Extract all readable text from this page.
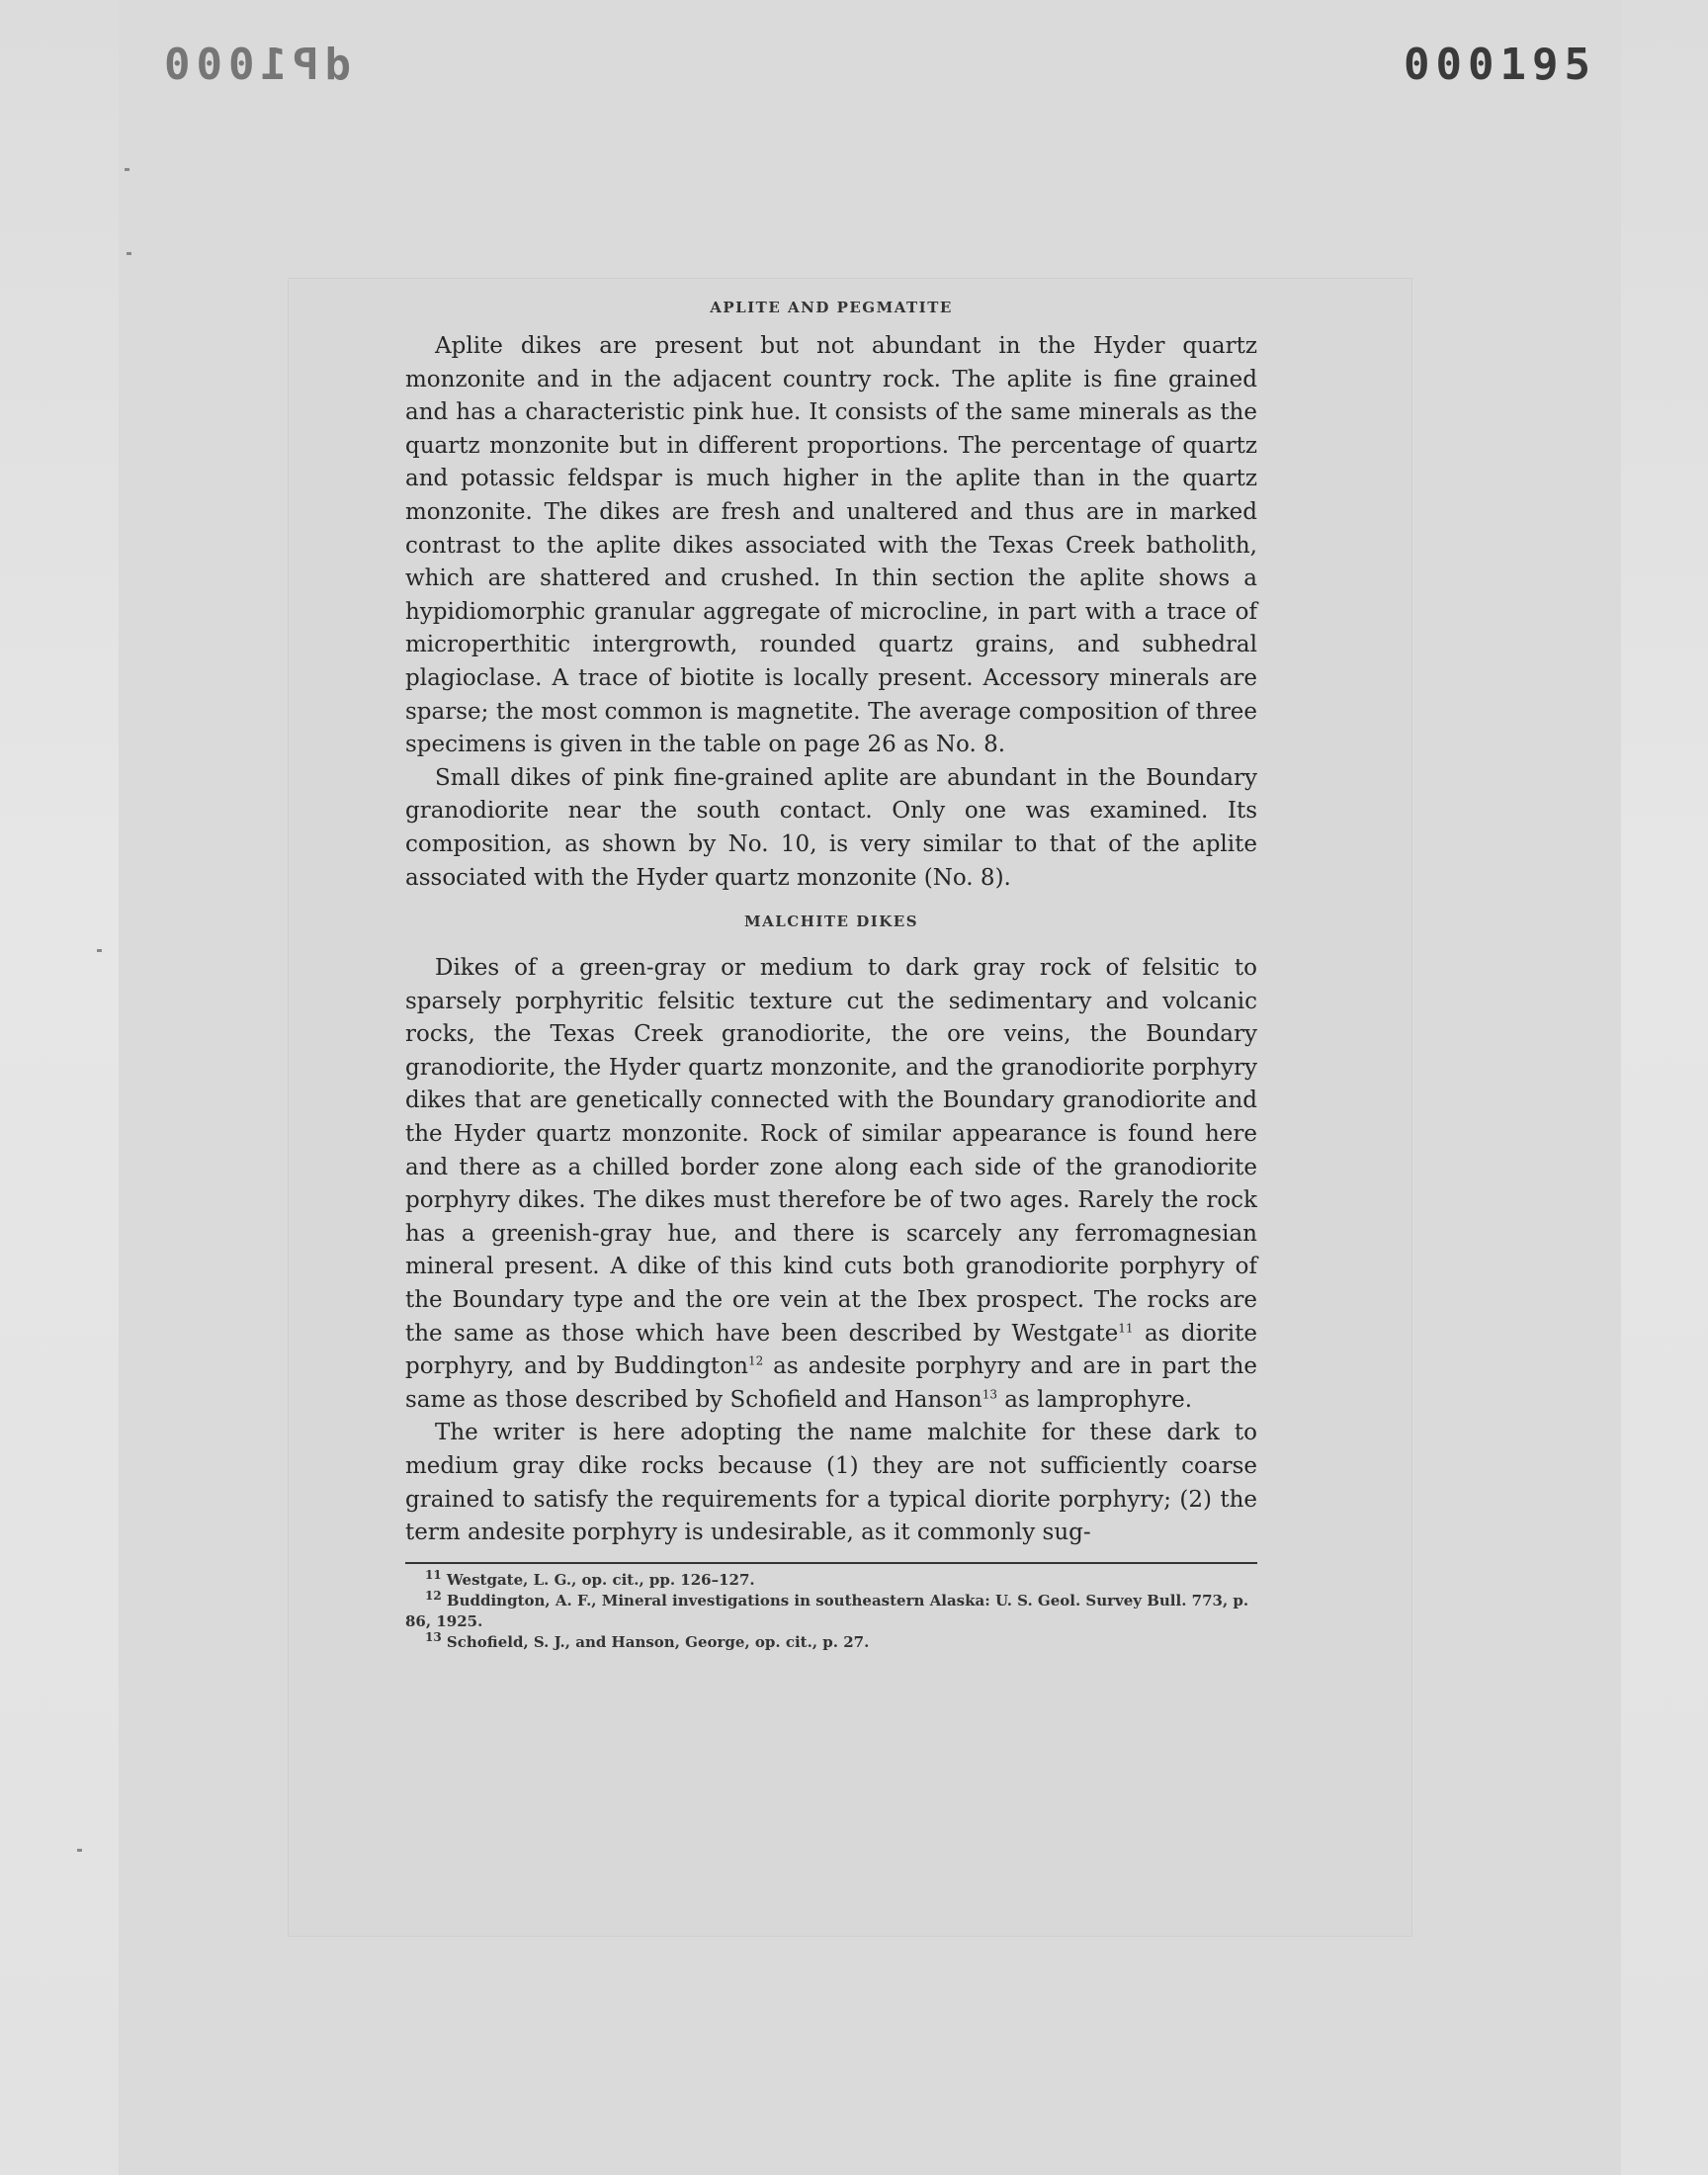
dP1000	000195
APLITE AND PEGMATITE

Aplite dikes are present but not abundant in the Hyder quartz monzonite and in the adjacent country rock. The aplite is fine grained and has a characteristic pink hue. It consists of the same minerals as the quartz monzonite but in different proportions. The percentage of quartz and potassic feldspar is much higher in the aplite than in the quartz monzonite. The dikes are fresh and unaltered and thus are in marked contrast to the aplite dikes associated with the Texas Creek batholith, which are shattered and crushed. In thin section the aplite shows a hypidiomorphic granular aggregate of microcline, in part with a trace of microperthitic intergrowth, rounded quartz grains, and subhedral plagioclase. A trace of biotite is locally present. Accessory minerals are sparse; the most common is magnetite. The average composition of three specimens is given in the table on page 26 as No. 8.

Small dikes of pink fine-grained aplite are abundant in the Boundary granodiorite near the south contact. Only one was examined. Its composition, as shown by No. 10, is very similar to that of the aplite associated with the Hyder quartz monzonite (No. 8).

MALCHITE DIKES

Dikes of a green-gray or medium to dark gray rock of felsitic to sparsely porphyritic felsitic texture cut the sedimentary and volcanic rocks, the Texas Creek granodiorite, the ore veins, the Boundary granodiorite, the Hyder quartz monzonite, and the granodiorite porphyry dikes that are genetically connected with the Boundary granodiorite and the Hyder quartz monzonite. Rock of similar appearance is found here and there as a chilled border zone along each side of the granodiorite porphyry dikes. The dikes must therefore be of two ages. Rarely the rock has a greenish-gray hue, and there is scarcely any ferromagnesian mineral present. A dike of this kind cuts both granodiorite porphyry of the Boundary type and the ore vein at the Ibex prospect. The rocks are the same as those which have been described by Westgate$^{11}$ as diorite porphyry, and by Buddington$^{12}$ as andesite porphyry and are in part the same as those described by Schofield and Hanson$^{13}$ as lamprophyre.

The writer is here adopting the name malchite for these dark to medium gray dike rocks because (1) they are not sufficiently coarse grained to satisfy the requirements for a typical diorite porphyry; (2) the term andesite porphyry is undesirable, as it commonly sug-

$^{11}$ Westgate, L. G., op. cit., pp. 126–127.

$^{12}$ Buddington, A. F., Mineral investigations in southeastern Alaska: U. S. Geol. Survey Bull. 773, p. 86, 1925.

$^{13}$ Schofield, S. J., and Hanson, George, op. cit., p. 27.
